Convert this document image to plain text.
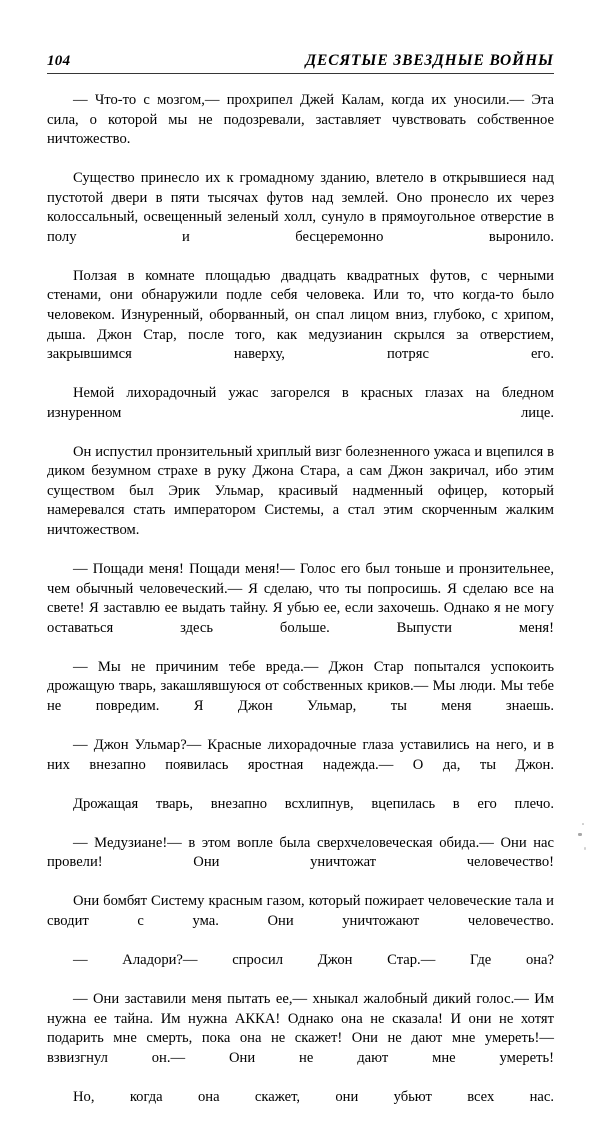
104	ДЕСЯТЫЕ ЗВЕЗДНЫЕ ВОЙНЫ

— Что-то с мозгом,— прохрипел Джей Калам, когда их уносили.— Эта сила, о которой мы не подозревали, заставляет чувствовать собственное ничтожество.

Существо принесло их к громадному зданию, влетело в открывшиеся над пустотой двери в пяти тысячах футов над землей. Оно пронесло их через колоссальный, освещенный зеленый холл, сунуло в прямоугольное отверстие в полу и бесцеремонно выронило.

Ползая в комнате площадью двадцать квадратных футов, с черными стенами, они обнаружили подле себя человека. Или то, что когда-то было человеком. Изнуренный, оборванный, он спал лицом вниз, глубоко, с хрипом, дыша. Джон Стар, после того, как медузианин скрылся за отверстием, закрывшимся наверху, потряс его.

Немой лихорадочный ужас загорелся в красных глазах на бледном изнуренном лице.

Он испустил пронзительный хриплый визг болезненного ужаса и вцепился в диком безумном страхе в руку Джона Стара, а сам Джон закричал, ибо этим существом был Эрик Ульмар, красивый надменный офицер, который намеревался стать императором Системы, а стал этим скорченным жалким ничтожеством.

— Пощади меня! Пощади меня!— Голос его был тоньше и пронзительнее, чем обычный человеческий.— Я сделаю, что ты попросишь. Я сделаю все на свете! Я заставлю ее выдать тайну. Я убью ее, если захочешь. Однако я не могу оставаться здесь больше. Выпусти меня!

— Мы не причиним тебе вреда.— Джон Стар попытался успокоить дрожащую тварь, закашлявшуюся от собственных криков.— Мы люди. Мы тебе не повредим. Я Джон Ульмар, ты меня знаешь.

— Джон Ульмар?— Красные лихорадочные глаза уставились на него, и в них внезапно появилась яростная надежда.— О да, ты Джон.

Дрожащая тварь, внезапно всхлипнув, вцепилась в его плечо.

— Медузиане!— в этом вопле была сверхчеловеческая обида.— Они нас провели! Они уничтожат человечество!

Они бомбят Систему красным газом, который пожирает человеческие тала и сводит с ума. Они уничтожают человечество.

— Аладори?— спросил Джон Стар.— Где она?

— Они заставили меня пытать ее,— хныкал жалобный дикий голос.— Им нужна ее тайна. Им нужна АККА! Однако она не сказала! И они не хотят подарить мне смерть, пока она не скажет! Они не дают мне умереть!— взвизгнул он.— Они не дают мне умереть!

Но, когда она скажет, они убьют всех нас.
